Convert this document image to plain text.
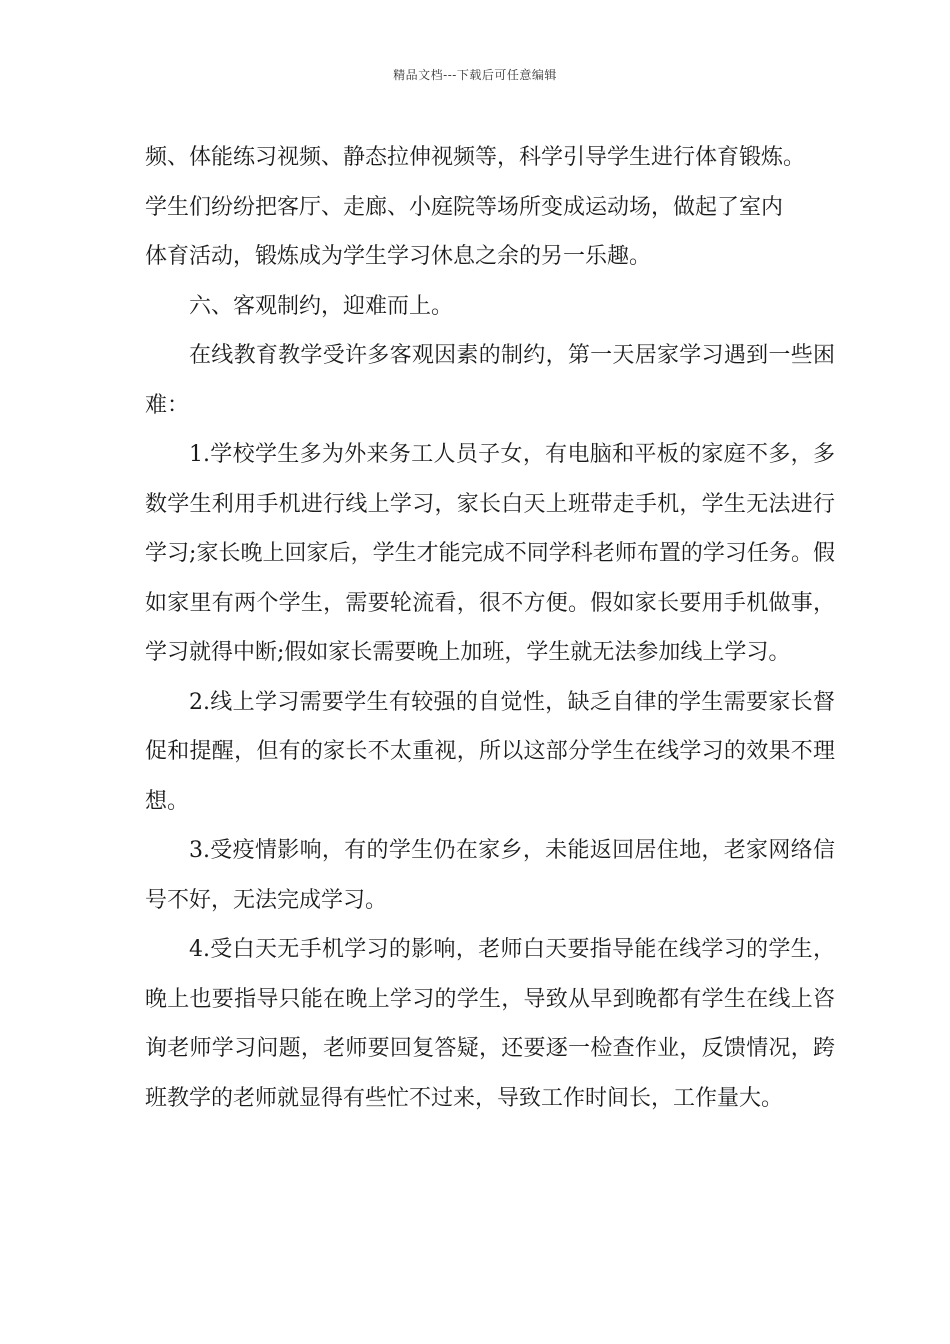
精品文档---下载后可任意编辑

频、体能练习视频、静态拉伸视频等，科学引导学生进行体育锻炼。

学生们纷纷把客厅、走廊、小庭院等场所变成运动场，做起了室内

体育活动，锻炼成为学生学习休息之余的另一乐趣。

六、客观制约，迎难而上。

在线教育教学受许多客观因素的制约，第一天居家学习遇到一些困难：

1.学校学生多为外来务工人员子女，有电脑和平板的家庭不多，多数学生利用手机进行线上学习，家长白天上班带走手机，学生无法进行学习;家长晚上回家后，学生才能完成不同学科老师布置的学习任务。假如家里有两个学生，需要轮流看，很不方便。假如家长要用手机做事，学习就得中断;假如家长需要晚上加班，学生就无法参加线上学习。

2.线上学习需要学生有较强的自觉性，缺乏自律的学生需要家长督促和提醒，但有的家长不太重视，所以这部分学生在线学习的效果不理想。

3.受疫情影响，有的学生仍在家乡，未能返回居住地，老家网络信号不好，无法完成学习。

4.受白天无手机学习的影响，老师白天要指导能在线学习的学生，晚上也要指导只能在晚上学习的学生，导致从早到晚都有学生在线上咨询老师学习问题，老师要回复答疑，还要逐一检查作业，反馈情况，跨班教学的老师就显得有些忙不过来，导致工作时间长，工作量大。
